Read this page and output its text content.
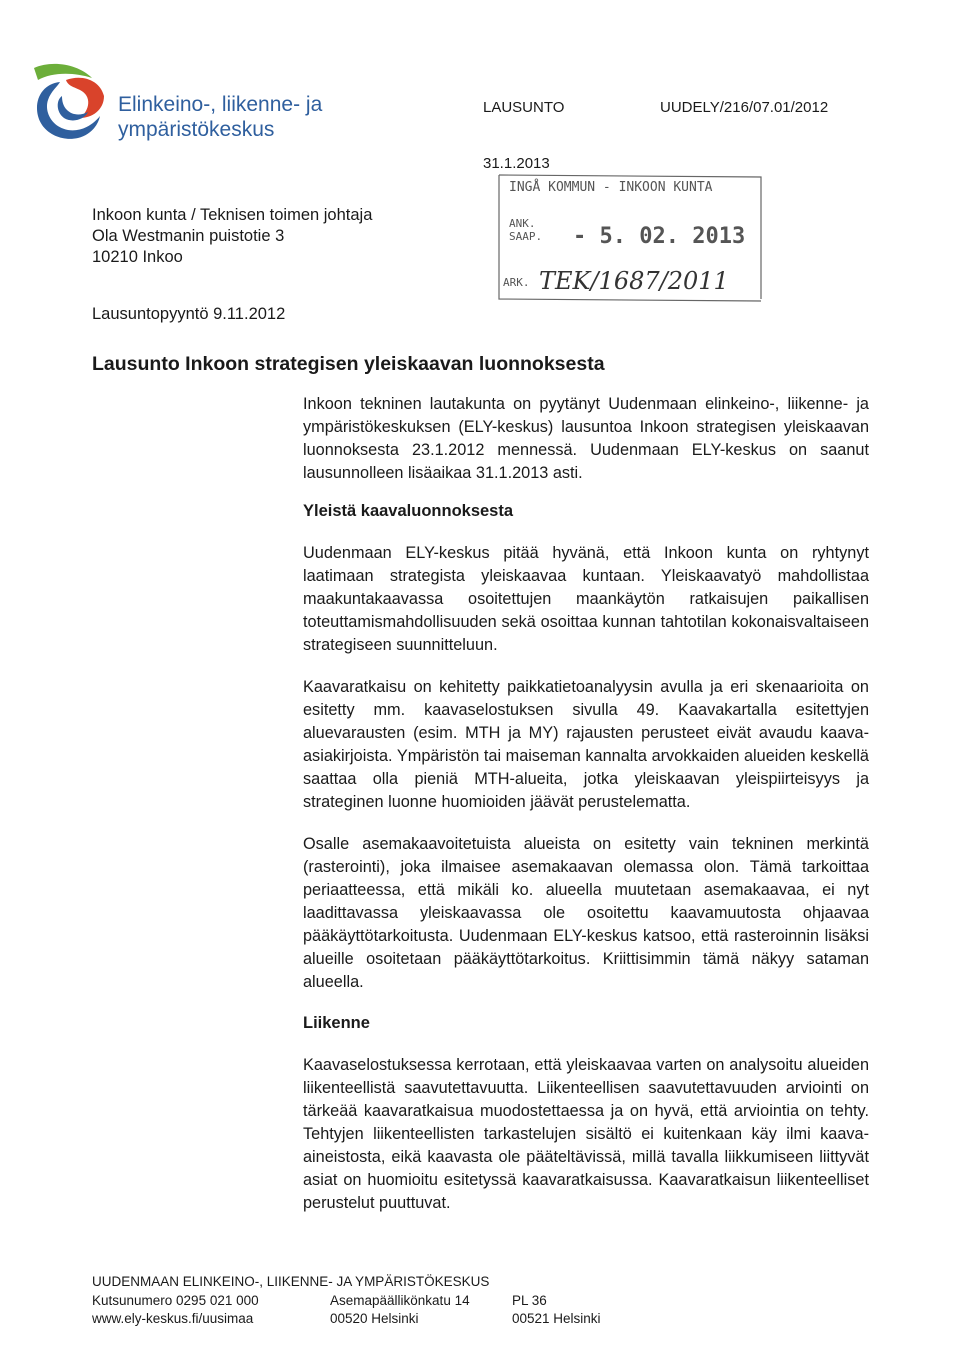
Elinkeino-, liikenne- ja
ympäristökeskus
LAUSUNTO	UUDELY/216/07.01/2012
31.1.2013
INGÅ KOMMUN - INKOON KUNTA
ANK.
SAAP. - 5. 02. 2013
ARK. TEK/1687/2011
Inkoon kunta / Teknisen toimen johtaja
Ola Westmanin puistotie 3
10210 Inkoo
Lausuntopyyntö 9.11.2012
Lausunto Inkoon strategisen yleiskaavan luonnoksesta
Inkoon tekninen lautakunta on pyytänyt Uudenmaan elinkeino-, liikenne- ja ympäristökeskuksen (ELY-keskus) lausuntoa Inkoon strategisen yleiskaavan luonnoksesta 23.1.2012 mennessä. Uudenmaan ELY-keskus on saanut lausunnolleen lisäaikaa 31.1.2013 asti.
Yleistä kaavaluonnoksesta
Uudenmaan ELY-keskus pitää hyvänä, että Inkoon kunta on ryhtynyt laatimaan strategista yleiskaavaa kuntaan. Yleiskaavatyö mahdollistaa maakuntakaavassa osoitettujen maankäytön ratkaisujen paikallisen toteuttamismahdollisuuden sekä osoittaa kunnan tahtotilan kokonaisvaltaiseen strategiseen suunnitteluun.
Kaavaratkaisu on kehitetty paikkatietoanalyysin avulla ja eri skenaarioita on esitetty mm. kaavaselostuksen sivulla 49. Kaavakartalla esitettyjen aluevarausten (esim. MTH ja MY) rajausten perusteet eivät avaudu kaava-asiakirjoista. Ympäristön tai maiseman kannalta arvokkaiden alueiden keskellä saattaa olla pieniä MTH-alueita, jotka yleiskaavan yleispiirteisyys ja strateginen luonne huomioiden jäävät perustelematta.
Osalle asemakaavoitetuista alueista on esitetty vain tekninen merkintä (rasterointi), joka ilmaisee asemakaavan olemassa olon. Tämä tarkoittaa periaatteessa, että mikäli ko. alueella muutetaan asemakaavaa, ei nyt laadittavassa yleiskaavassa ole osoitettu kaavamuutosta ohjaavaa pääkäyttötarkoitusta. Uudenmaan ELY-keskus katsoo, että rasteroinnin lisäksi alueille osoitetaan pääkäyttötarkoitus. Kriittisimmin tämä näkyy sataman alueella.
Liikenne
Kaavaselostuksessa kerrotaan, että yleiskaavaa varten on analysoitu alueiden liikenteellistä saavutettavuutta. Liikenteellisen saavutettavuuden arviointi on tärkeää kaavaratkaisua muodostettaessa ja on hyvä, että arviointia on tehty. Tehtyjen liikenteellisten tarkastelujen sisältö ei kuitenkaan käy ilmi kaava-aineistosta, eikä kaavasta ole pääteltävissä, millä tavalla liikkumiseen liittyvät asiat on huomioitu esitetyssä kaavaratkaisussa. Kaavaratkaisun liikenteelliset perustelut puuttuvat.
UUDENMAAN ELINKEINO-, LIIKENNE- JA YMPÄRISTÖKESKUS
Kutsunumero 0295 021 000
www.ely-keskus.fi/uusimaa
Asemapäällikönkatu 14
00520 Helsinki
PL 36
00521 Helsinki
